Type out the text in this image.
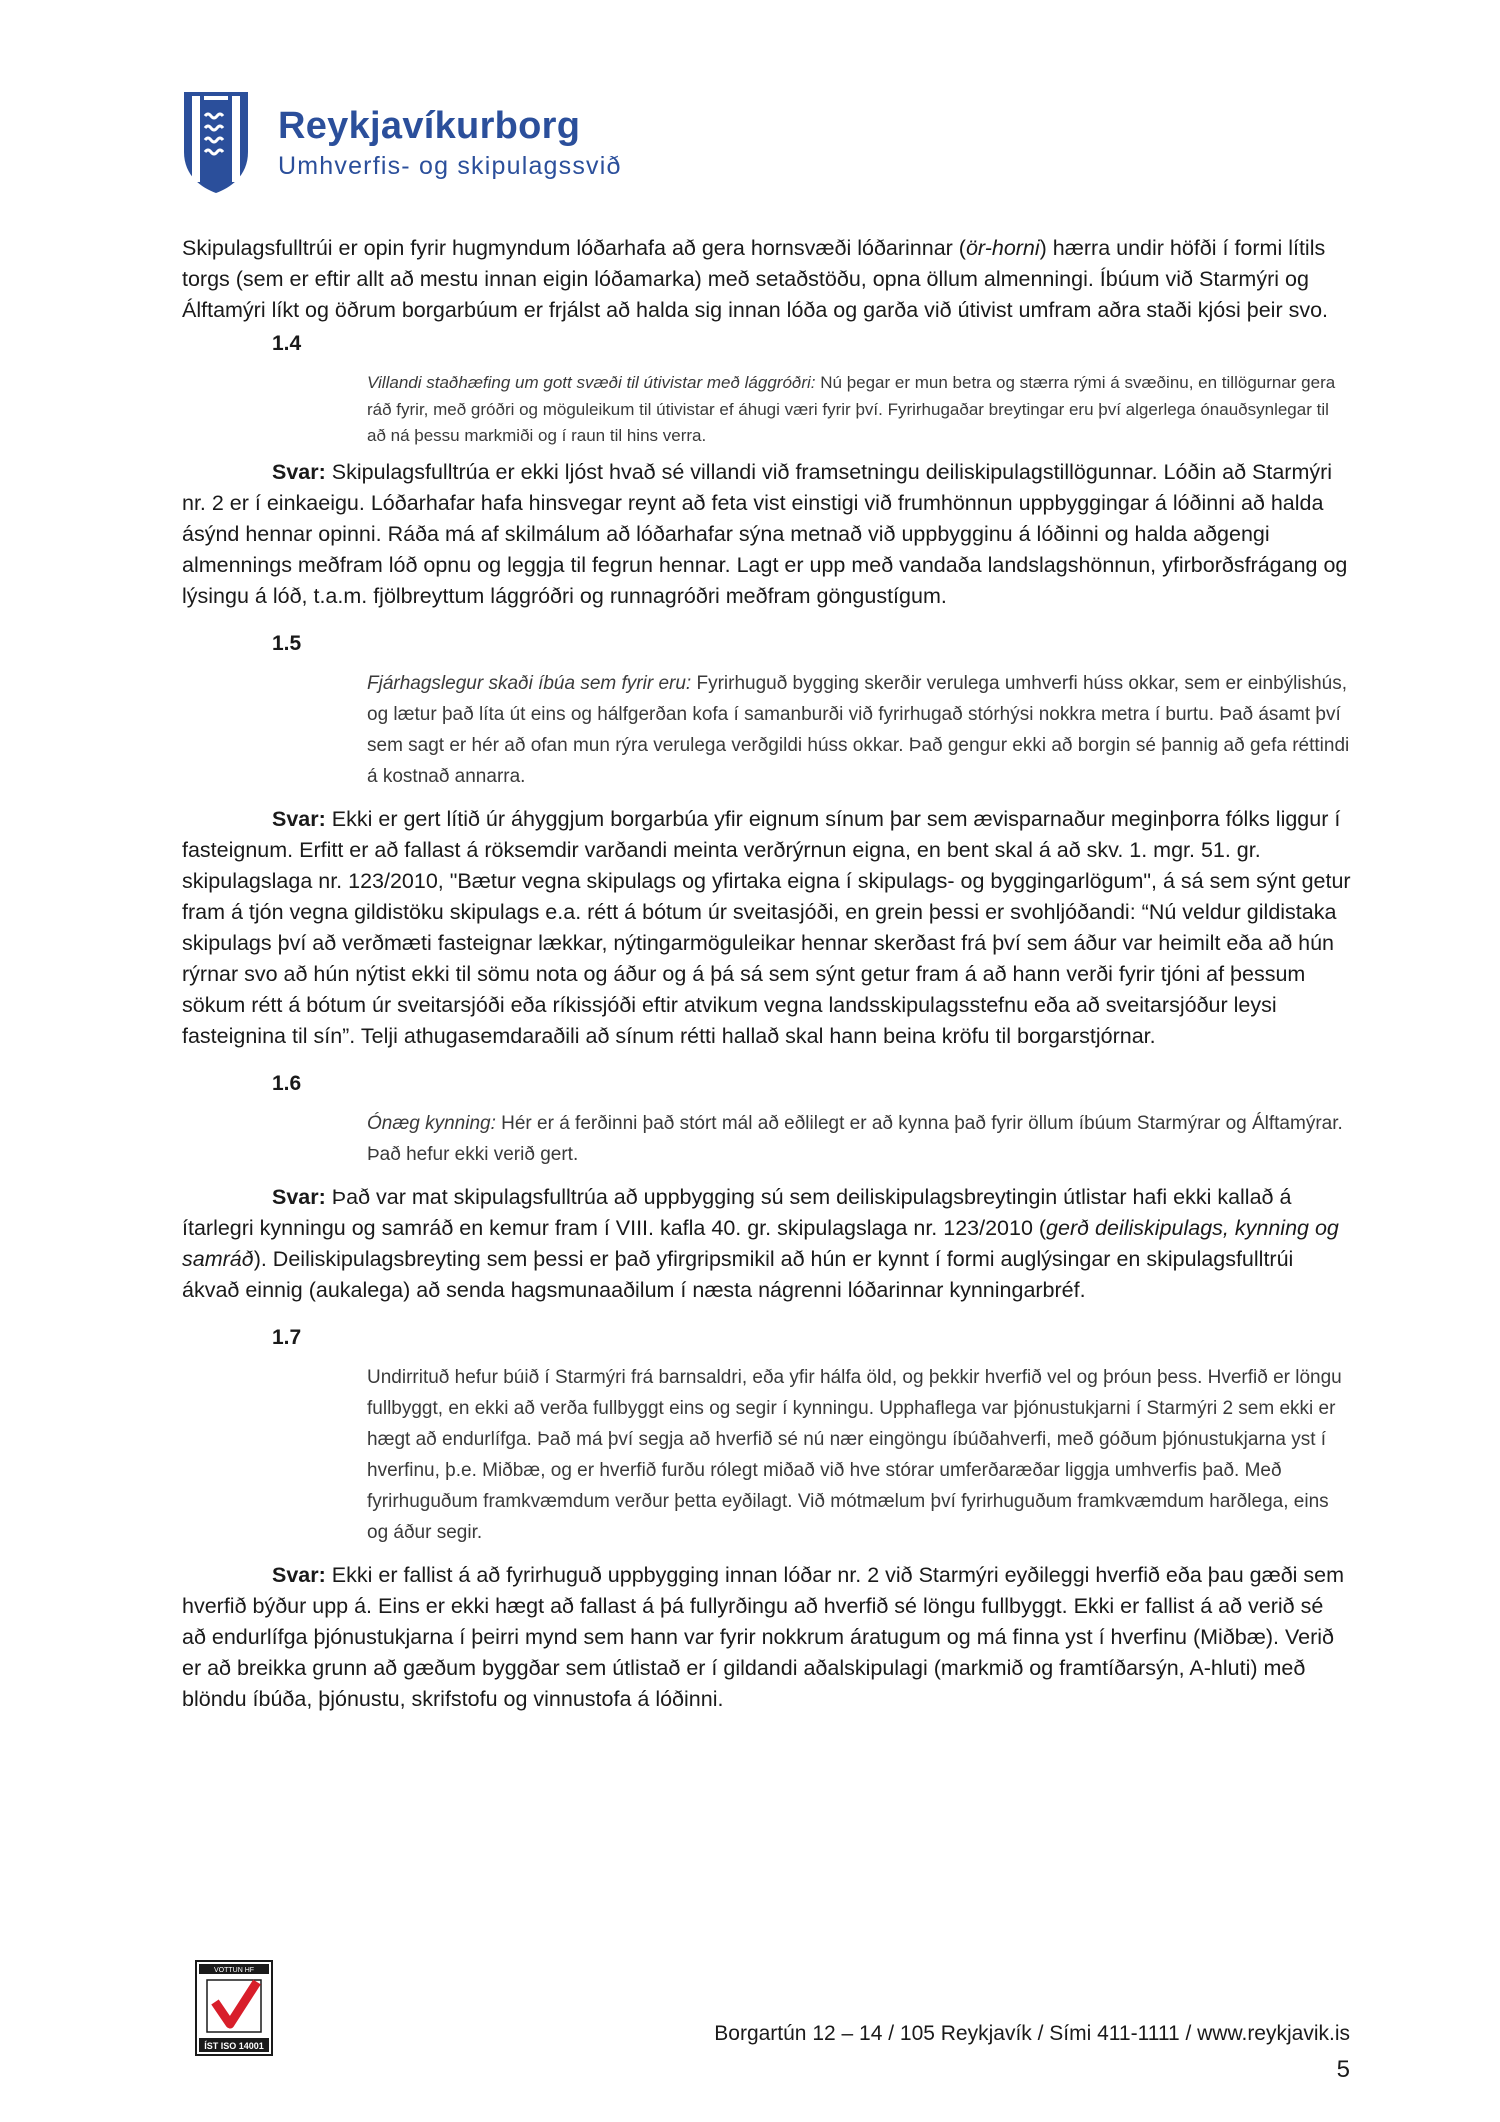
Reykjavíkurborg
Umhverfis- og skipulagssvið

Skipulagsfulltrúi er opin fyrir hugmyndum lóðarhafa að gera hornsvæði lóðarinnar (ör-horni) hærra undir höfði í formi lítils torgs (sem er eftir allt að mestu innan eigin lóðamarka) með setaðstöðu, opna öllum almenningi. Íbúum við Starmýri og Álftamýri líkt og öðrum borgarbúum er frjálst að halda sig innan lóða og garða við útivist umfram aðra staði kjósi þeir svo.

1.4

Villandi staðhæfing um gott svæði til útivistar með lággróðri: Nú þegar er mun betra og stærra rými á svæðinu, en tillögurnar gera ráð fyrir, með gróðri og möguleikum til útivistar ef áhugi væri fyrir því. Fyrirhugaðar breytingar eru því algerlega ónauðsynlegar til að ná þessu markmiði og í raun til hins verra.

Svar: Skipulagsfulltrúa er ekki ljóst hvað sé villandi við framsetningu deiliskipulagstillögunnar. Lóðin að Starmýri nr. 2 er í einkaeigu. Lóðarhafar hafa hinsvegar reynt að feta vist einstigi við frumhönnun uppbyggingar á lóðinni að halda ásýnd hennar opinni. Ráða má af skilmálum að lóðarhafar sýna metnað við uppbygginu á lóðinni og halda aðgengi almennings meðfram lóð opnu og leggja til fegrun hennar. Lagt er upp með vandaða landslagshönnun, yfirborðsfrágang og lýsingu á lóð, t.a.m. fjölbreyttum lággróðri og runnagróðri meðfram göngustígum.

1.5

Fjárhagslegur skaði íbúa sem fyrir eru: Fyrirhuguð bygging skerðir verulega umhverfi húss okkar, sem er einbýlishús, og lætur það líta út eins og hálfgerðan kofa í samanburði við fyrirhugað stórhýsi nokkra metra í burtu. Það ásamt því sem sagt er hér að ofan mun rýra verulega verðgildi húss okkar. Það gengur ekki að borgin sé þannig að gefa réttindi á kostnað annarra.

Svar: Ekki er gert lítið úr áhyggjum borgarbúa yfir eignum sínum þar sem ævisparnaður meginþorra fólks liggur í fasteignum. Erfitt er að fallast á röksemdir varðandi meinta verðrýrnun eigna, en bent skal á að skv. 1. mgr. 51. gr. skipulagslaga nr. 123/2010, "Bætur vegna skipulags og yfirtaka eigna í skipulags- og byggingarlögum", á sá sem sýnt getur fram á tjón vegna gildistöku skipulags e.a. rétt á bótum úr sveitasjóði, en grein þessi er svohljóðandi: “Nú veldur gildistaka skipulags því að verðmæti fasteignar lækkar, nýtingarmöguleikar hennar skerðast frá því sem áður var heimilt eða að hún rýrnar svo að hún nýtist ekki til sömu nota og áður og á þá sá sem sýnt getur fram á að hann verði fyrir tjóni af þessum sökum rétt á bótum úr sveitarsjóði eða ríkissjóði eftir atvikum vegna landsskipulagsstefnu eða að sveitarsjóður leysi fasteignina til sín”. Telji athugasemdaraðili að sínum rétti hallað skal hann beina kröfu til borgarstjórnar.

1.6

Ónæg kynning: Hér er á ferðinni það stórt mál að eðlilegt er að kynna það fyrir öllum íbúum Starmýrar og Álftamýrar. Það hefur ekki verið gert.

Svar: Það var mat skipulagsfulltrúa að uppbygging sú sem deiliskipulagsbreytingin útlistar hafi ekki kallað á ítarlegri kynningu og samráð en kemur fram í VIII. kafla 40. gr. skipulagslaga nr. 123/2010 (gerð deiliskipulags, kynning og samráð). Deiliskipulagsbreyting sem þessi er það yfirgripsmikil að hún er kynnt í formi auglýsingar en skipulagsfulltrúi ákvað einnig (aukalega) að senda hagsmunaaðilum í næsta nágrenni lóðarinnar kynningarbréf.

1.7

Undirrituð hefur búið í Starmýri frá barnsaldri, eða yfir hálfa öld, og þekkir hverfið vel og þróun þess. Hverfið er löngu fullbyggt, en ekki að verða fullbyggt eins og segir í kynningu. Upphaflega var þjónustukjarni í Starmýri 2 sem ekki er hægt að endurlífga. Það má því segja að hverfið sé nú nær eingöngu íbúðahverfi, með góðum þjónustukjarna yst í hverfinu, þ.e. Miðbæ, og er hverfið furðu rólegt miðað við hve stórar umferðaræðar liggja umhverfis það. Með fyrirhuguðum framkvæmdum verður þetta eyðilagt. Við mótmælum því fyrirhuguðum framkvæmdum harðlega, eins og áður segir.

Svar: Ekki er fallist á að fyrirhuguð uppbygging innan lóðar nr. 2 við Starmýri eyðileggi hverfið eða þau gæði sem hverfið býður upp á. Eins er ekki hægt að fallast á þá fullyrðingu að hverfið sé löngu fullbyggt. Ekki er fallist á að verið sé að endurlífga þjónustukjarna í þeirri mynd sem hann var fyrir nokkrum áratugum og má finna yst í hverfinu (Miðbæ). Verið er að breikka grunn að gæðum byggðar sem útlistað er í gildandi aðalskipulagi (markmið og framtíðarsýn, A-hluti) með blöndu íbúða, þjónustu, skrifstofu og vinnustofa á lóðinni.

VOTTUN HF
ÍST ISO 14001
Borgartún 12 – 14 / 105 Reykjavík / Sími 411-1111 / www.reykjavik.is
5
